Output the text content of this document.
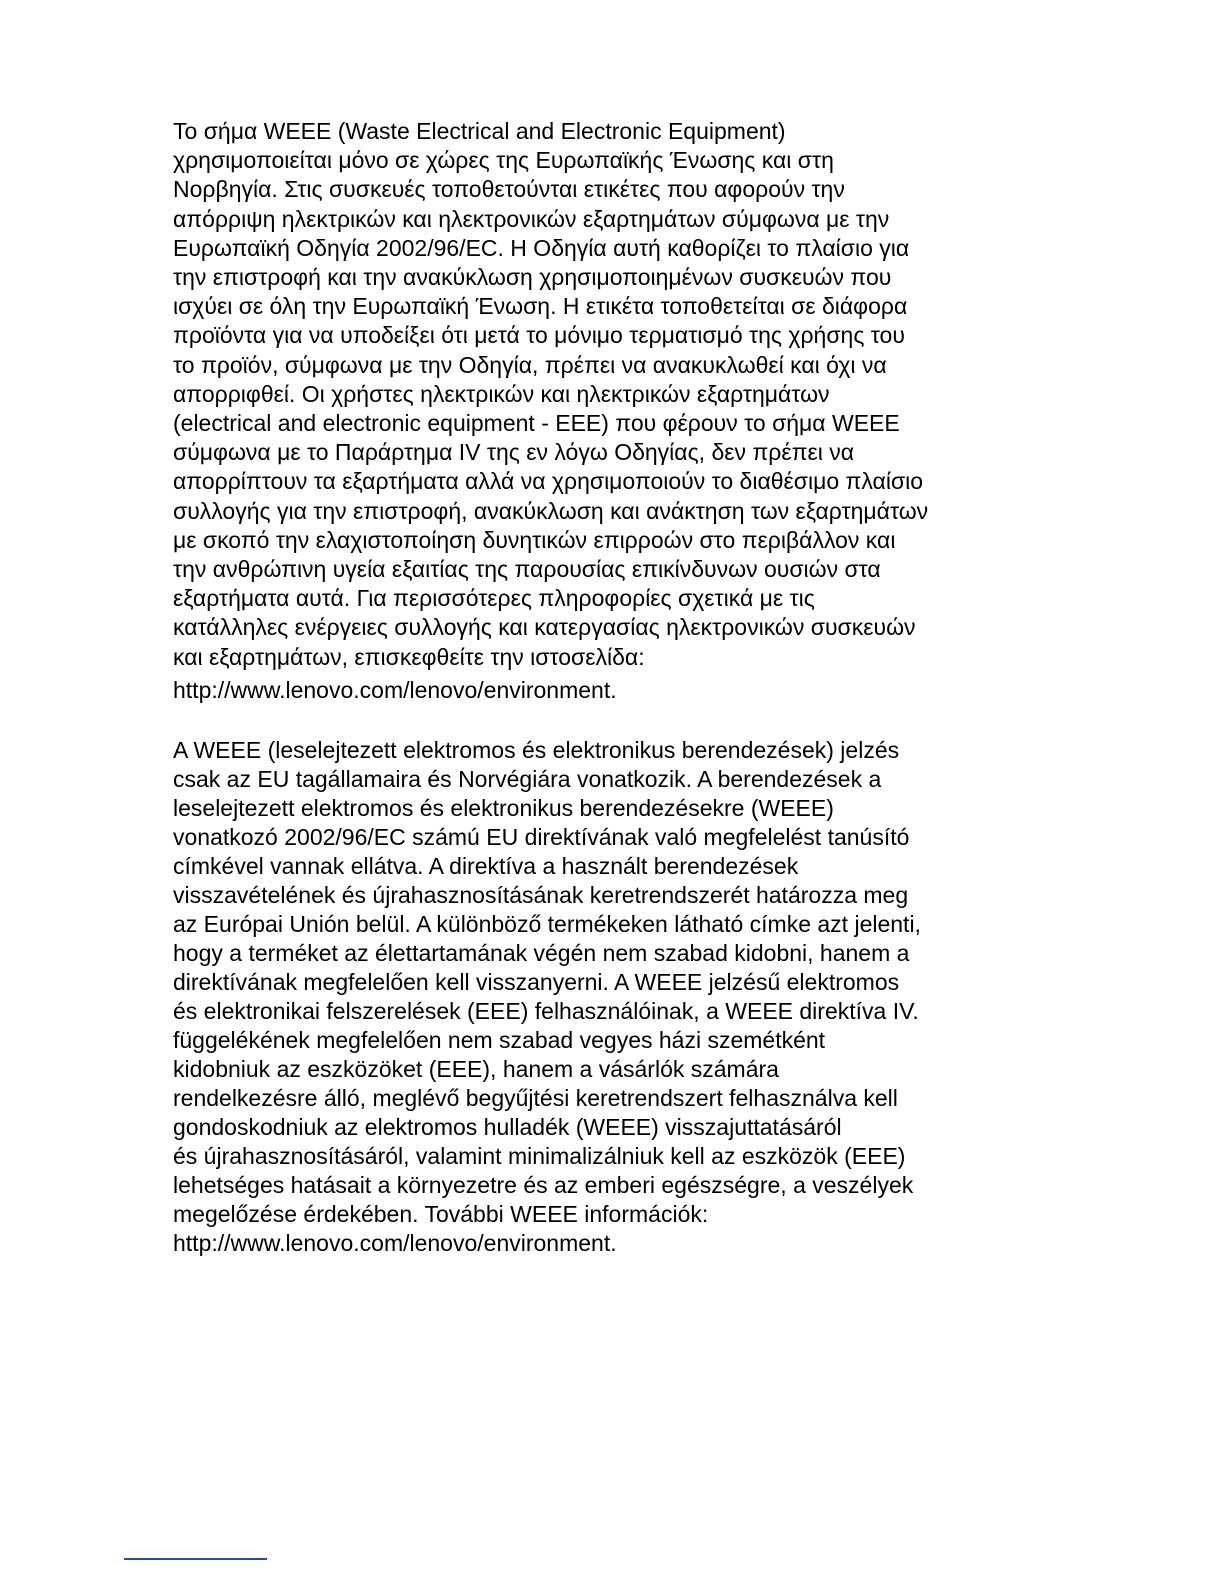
Το σήμα WEEE (Waste Electrical and Electronic Equipment)
χρησιμοποιείται μόνο σε χώρες της Ευρωπαϊκής Ένωσης και στη
Νορβηγία. Στις συσκευές τοποθετούνται ετικέτες που αφορούν την
απόρριψη ηλεκτρικών και ηλεκτρονικών εξαρτημάτων σύμφωνα με την
Ευρωπαϊκή Οδηγία 2002/96/EC. Η Οδηγία αυτή καθορίζει το πλαίσιο για
την επιστροφή και την ανακύκλωση χρησιμοποιημένων συσκευών που
ισχύει σε όλη την Ευρωπαϊκή Ένωση. Η ετικέτα τοποθετείται σε διάφορα
προϊόντα για να υποδείξει ότι μετά το μόνιμο τερματισμό της χρήσης του
το προϊόν, σύμφωνα με την Οδηγία, πρέπει να ανακυκλωθεί και όχι να
απορριφθεί. Οι χρήστες ηλεκτρικών και ηλεκτρικών εξαρτημάτων
(electrical and electronic equipment - EEE) που φέρουν το σήμα WEEE
σύμφωνα με το Παράρτημα IV της εν λόγω Οδηγίας, δεν πρέπει να
απορρίπτουν τα εξαρτήματα αλλά να χρησιμοποιούν το διαθέσιμο πλαίσιο
συλλογής για την επιστροφή, ανακύκλωση και ανάκτηση των εξαρτημάτων
με σκοπό την ελαχιστοποίηση δυνητικών επιρροών στο περιβάλλον και
την ανθρώπινη υγεία εξαιτίας της παρουσίας επικίνδυνων ουσιών στα
εξαρτήματα αυτά. Για περισσότερες πληροφορίες σχετικά με τις
κατάλληλες ενέργειες συλλογής και κατεργασίας ηλεκτρονικών συσκευών
και εξαρτημάτων, επισκεφθείτε την ιστοσελίδα:
http://www.lenovo.com/lenovo/environment.
A WEEE (leselejtezett elektromos és elektronikus berendezések) jelzés
csak az EU tagállamaira és Norvégiára vonatkozik. A berendezések a
leselejtezett elektromos és elektronikus berendezésekre (WEEE)
vonatkozó 2002/96/EC számú EU direktívának való megfelelést tanúsító
címkével vannak ellátva. A direktíva a használt berendezések
visszavételének és újrahasznosításának keretrendszerét határozza meg
az Európai Unión belül. A különböző termékeken látható címke azt jelenti,
hogy a terméket az élettartamának végén nem szabad kidobni, hanem a
direktívának megfelelően kell visszanyerni. A WEEE jelzésű elektromos
és elektronikai felszerelések (EEE) felhasználóinak, a WEEE direktíva IV.
függelékének megfelelően nem szabad vegyes házi szemétként
kidobniuk az eszközöket (EEE), hanem a vásárlók számára
rendelkezésre álló, meglévő begyűjtési keretrendszert felhasználva kell
gondoskodniuk az elektromos hulladék (WEEE) visszajuttatásáról
és újrahasznosításáról, valamint minimalizálniuk kell az eszközök (EEE)
lehetséges hatásait a környezetre és az emberi egészségre, a veszélyek
megelőzése érdekében. További WEEE információk:
http://www.lenovo.com/lenovo/environment.
